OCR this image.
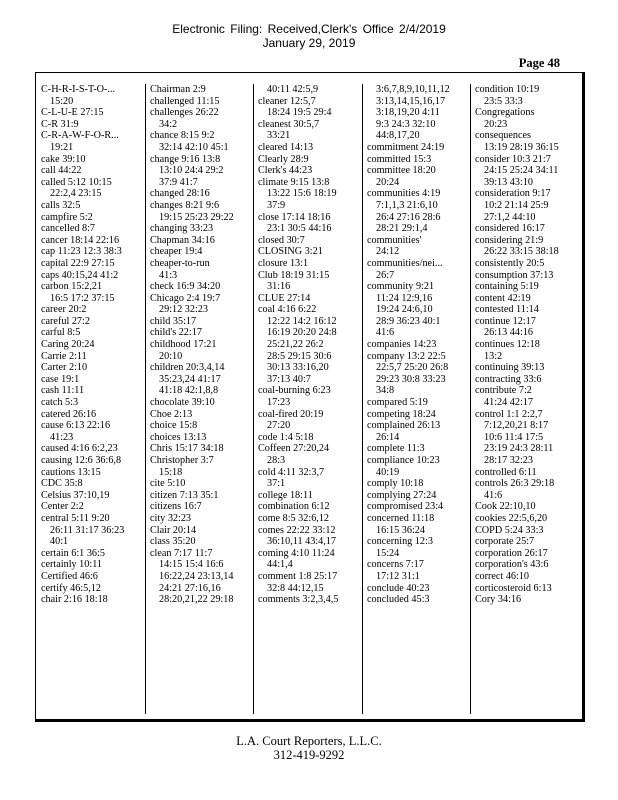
Electronic Filing: Received,Clerk's Office 2/4/2019
January 29, 2019
Page 48
C-H-R-I-S-T-O-...
15:20
C-L-U-E 27:15
C-R 31:9
C-R-A-W-F-O-R...
19:21
cake 39:10
call 44:22
called 5:12 10:15
22:2,4 23:15
calls 32:5
campfire 5:2
cancelled 8:7
cancer 18:14 22:16
cap 11:23 12:3 38:3
capital 22:9 27:15
caps 40:15,24 41:2
carbon 15:2,21
16:5 17:2 37:15
career 20:2
careful 27:2
carful 8:5
Caring 20:24
Carrie 2:11
Carter 2:10
case 19:1
cash 11:11
catch 5:3
catered 26:16
cause 6:13 22:16
41:23
caused 4:16 6:2,23
causing 12:6 36:6,8
cautions 13:15
CDC 35:8
Celsius 37:10,19
Center 2:2
central 5:11 9:20
26:11 31:17 36:23
40:1
certain 6:1 36:5
certainly 10:11
Certified 46:6
certify 46:5,12
chair 2:16 18:18
Chairman 2:9
challenged 11:15
challenges 26:22
34:2
chance 8:15 9:2
32:14 42:10 45:1
change 9:16 13:8
13:10 24:4 29:2
37:9 41:7
changed 28:16
changes 8:21 9:6
19:15 25:23 29:22
changing 33:23
Chapman 34:16
cheaper 19:4
cheaper-to-run
41:3
check 16:9 34:20
Chicago 2:4 19:7
29:12 32:23
child 35:17
child's 22:17
childhood 17:21
20:10
children 20:3,4,14
35:23,24 41:17
41:18 42:1,8,8
chocolate 39:10
Choe 2:13
choice 15:8
choices 13:13
Chris 15:17 34:18
Christopher 3:7
15:18
cite 5:10
citizen 7:13 35:1
citizens 16:7
city 32:23
Clair 20:14
class 35:20
clean 7:17 11:7
14:15 15:4 16:6
16:22,24 23:13,14
24:21 27:16,16
28:20,21,22 29:18
40:11 42:5,9
cleaner 12:5,7
18:24 19:5 29:4
cleanest 30:5,7
33:21
cleared 14:13
Clearly 28:9
Clerk's 44:23
climate 9:15 13:8
13:22 15:6 18:19
37:9
close 17:14 18:16
23:1 30:5 44:16
closed 30:7
CLOSING 3:21
closure 13:1
Club 18:19 31:15
31:16
CLUE 27:14
coal 4:16 6:22
12:22 14:2 16:12
16:19 20:20 24:8
25:21,22 26:2
28:5 29:15 30:6
30:13 33:16,20
37:13 40:7
coal-burning 6:23
17:23
coal-fired 20:19
27:20
code 1:4 5:18
Coffeen 27:20,24
28:3
cold 4:11 32:3,7
37:1
college 18:11
combination 6:12
come 8:5 32:6,12
comes 22:22 33:12
36:10,11 43:4,17
coming 4:10 11:24
44:1,4
comment 1:8 25:17
32:8 44:12,15
comments 3:2,3,4,5
3:6,7,8,9,10,11,12
3:13,14,15,16,17
3:18,19,20 4:11
9:3 24:3 32:10
44:8,17,20
commitment 24:19
committed 15:3
committee 18:20
20:24
communities 4:19
7:1,1,3 21:6,10
26:4 27:16 28:6
28:21 29:1,4
communities'
24:12
communities/nei...
26:7
community 9:21
11:24 12:9,16
19:24 24:6,10
28:9 36:23 40:1
41:6
companies 14:23
company 13:2 22:5
22:5,7 25:20 26:8
29:23 30:8 33:23
34:8
compared 5:19
competing 18:24
complained 26:13
26:14
complete 11:3
compliance 10:23
40:19
comply 10:18
complying 27:24
compromised 23:4
concerned 11:18
16:15 36:24
concerning 12:3
15:24
concerns 7:17
17:12 31:1
conclude 40:23
concluded 45:3
condition 10:19
23:5 33:3
Congregations
20:23
consequences
13:19 28:19 36:15
consider 10:3 21:7
24:15 25:24 34:11
39:13 43:10
consideration 9:17
10:2 21:14 25:9
27:1,2 44:10
considered 16:17
considering 21:9
26:22 33:15 38:18
consistently 20:5
consumption 37:13
containing 5:19
content 42:19
contested 11:14
continue 12:17
26:13 44:16
continues 12:18
13:2
continuing 39:13
contracting 33:6
contribute 7:2
41:24 42:17
control 1:1 2:2,7
7:12,20,21 8:17
10:6 11:4 17:5
23:19 24:3 28:11
28:17 32:23
controlled 6:11
controls 26:3 29:18
41:6
Cook 22:10,10
cookies 22:5,6,20
COPD 5:24 33:3
corporate 25:7
corporation 26:17
corporation's 43:6
correct 46:10
corticosteroid 6:13
Cory 34:16
L.A. Court Reporters, L.L.C.
312-419-9292
